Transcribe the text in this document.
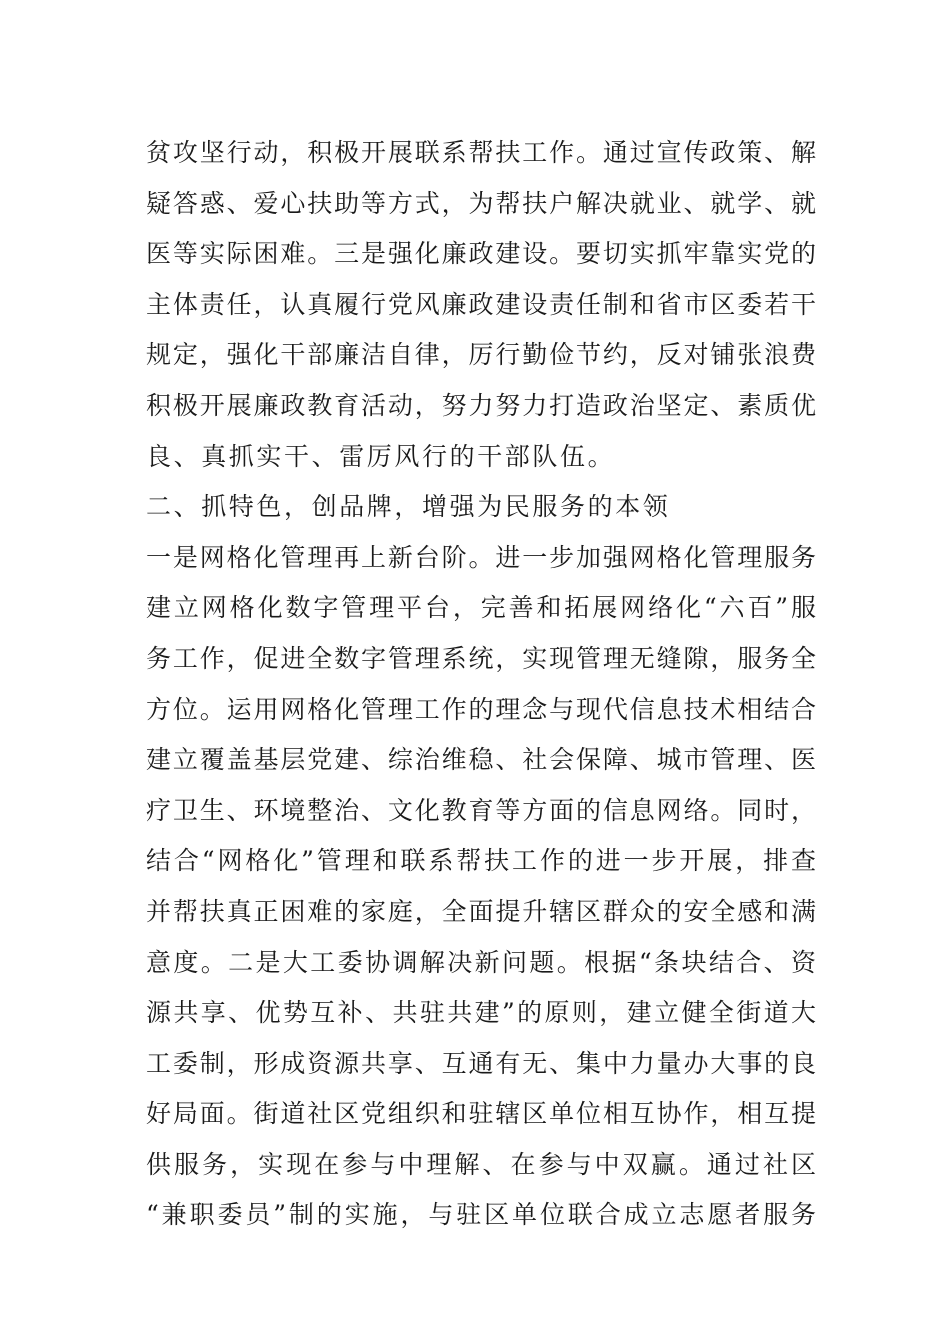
贫攻坚行动，积极开展联系帮扶工作。通过宣传政策、解
疑答惑、爱心扶助等方式，为帮扶户解决就业、就学、就
医等实际困难。三是强化廉政建设。要切实抓牢靠实党的
主体责任，认真履行党风廉政建设责任制和省市区委若干
规定，强化干部廉洁自律，厉行勤俭节约，反对铺张浪费
积极开展廉政教育活动，努力努力打造政治坚定、素质优
良、真抓实干、雷厉风行的干部队伍。
二、抓特色，创品牌，增强为民服务的本领
一是网格化管理再上新台阶。进一步加强网格化管理服务
建立网格化数字管理平台，完善和拓展网络化“六百”服
务工作，促进全数字管理系统，实现管理无缝隙，服务全
方位。运用网格化管理工作的理念与现代信息技术相结合
建立覆盖基层党建、综治维稳、社会保障、城市管理、医
疗卫生、环境整治、文化教育等方面的信息网络。同时，
结合“网格化”管理和联系帮扶工作的进一步开展，排查
并帮扶真正困难的家庭，全面提升辖区群众的安全感和满
意度。二是大工委协调解决新问题。根据“条块结合、资
源共享、优势互补、共驻共建”的原则，建立健全街道大
工委制，形成资源共享、互通有无、集中力量办大事的良
好局面。街道社区党组织和驻辖区单位相互协作，相互提
供服务，实现在参与中理解、在参与中双赢。通过社区
“兼职委员”制的实施，与驻区单位联合成立志愿者服务
